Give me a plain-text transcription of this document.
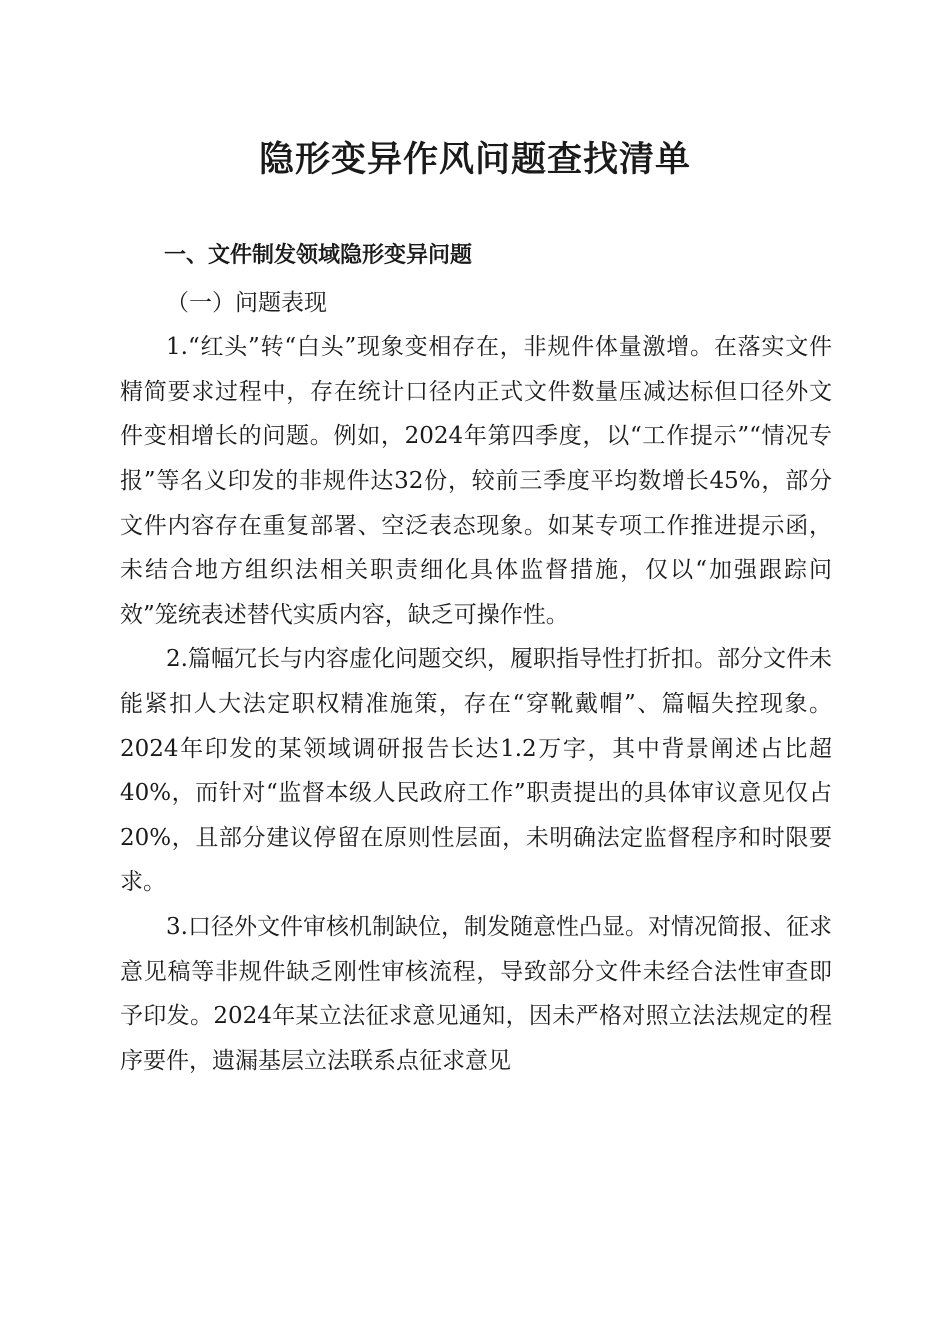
隐形变异作风问题查找清单

一、文件制发领域隐形变异问题

（一）问题表现

1.“红头”转“白头”现象变相存在，非规件体量激增。在落实文件精简要求过程中，存在统计口径内正式文件数量压减达标但口径外文件变相增长的问题。例如，2024年第四季度，以“工作提示”“情况专报”等名义印发的非规件达32份，较前三季度平均数增长45%，部分文件内容存在重复部署、空泛表态现象。如某专项工作推进提示函，未结合地方组织法相关职责细化具体监督措施，仅以“加强跟踪问效”笼统表述替代实质内容，缺乏可操作性。

2.篇幅冗长与内容虚化问题交织，履职指导性打折扣。部分文件未能紧扣人大法定职权精准施策，存在“穿靴戴帽”、篇幅失控现象。2024年印发的某领域调研报告长达1.2万字，其中背景阐述占比超40%，而针对“监督本级人民政府工作”职责提出的具体审议意见仅占20%，且部分建议停留在原则性层面，未明确法定监督程序和时限要求。

3.口径外文件审核机制缺位，制发随意性凸显。对情况简报、征求意见稿等非规件缺乏刚性审核流程，导致部分文件未经合法性审查即予印发。2024年某立法征求意见通知，因未严格对照立法法规定的程序要件，遗漏基层立法联系点征求意见
